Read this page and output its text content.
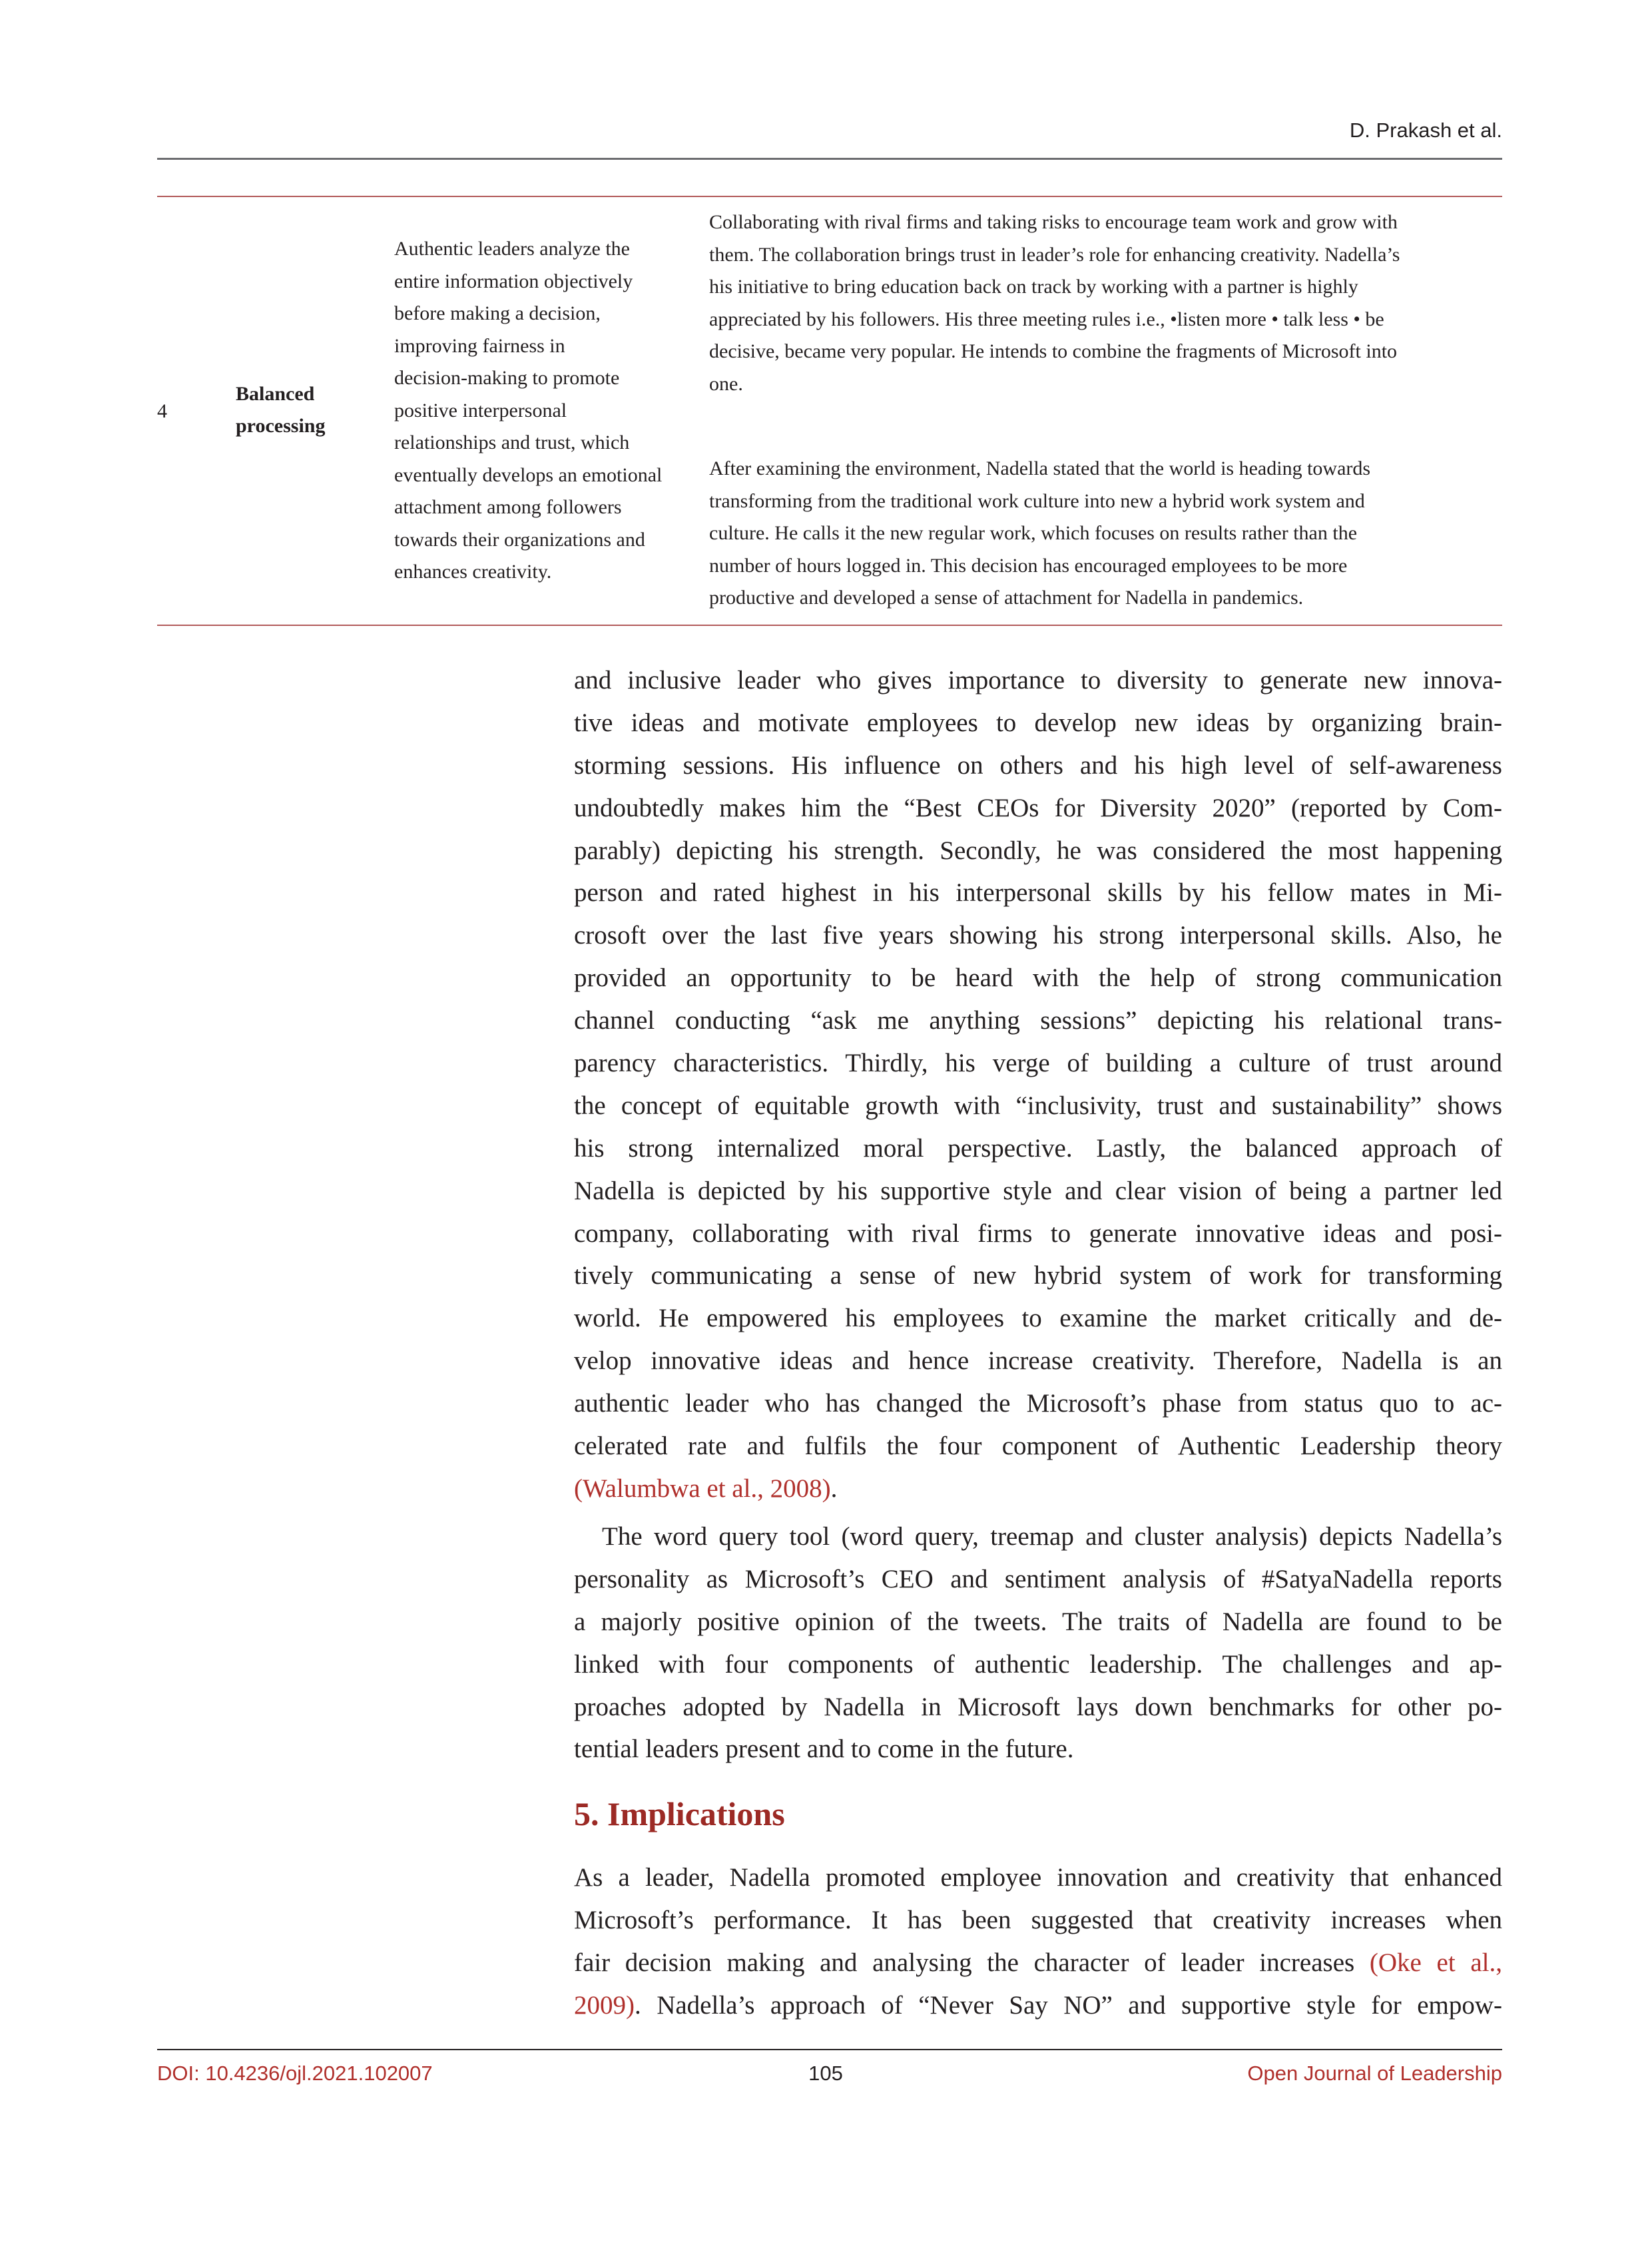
D. Prakash et al.
4
Balanced
processing
Authentic leaders analyze the
entire information objectively
before making a decision,
improving fairness in
decision-making to promote
positive interpersonal
relationships and trust, which
eventually develops an emotional
attachment among followers
towards their organizations and
enhances creativity.
Collaborating with rival firms and taking risks to encourage team work and grow with
them. The collaboration brings trust in leader’s role for enhancing creativity. Nadella’s
his initiative to bring education back on track by working with a partner is highly
appreciated by his followers. His three meeting rules i.e., •listen more • talk less • be
decisive, became very popular. He intends to combine the fragments of Microsoft into
one.
After examining the environment, Nadella stated that the world is heading towards
transforming from the traditional work culture into new a hybrid work system and
culture. He calls it the new regular work, which focuses on results rather than the
number of hours logged in. This decision has encouraged employees to be more
productive and developed a sense of attachment for Nadella in pandemics.
and inclusive leader who gives importance to diversity to generate new innova-
tive ideas and motivate employees to develop new ideas by organizing brain-
storming sessions. His influence on others and his high level of self-awareness
undoubtedly makes him the “Best CEOs for Diversity 2020” (reported by Com-
parably) depicting his strength. Secondly, he was considered the most happening
person and rated highest in his interpersonal skills by his fellow mates in Mi-
crosoft over the last five years showing his strong interpersonal skills. Also, he
provided an opportunity to be heard with the help of strong communication
channel conducting “ask me anything sessions” depicting his relational trans-
parency characteristics. Thirdly, his verge of building a culture of trust around
the concept of equitable growth with “inclusivity, trust and sustainability” shows
his strong internalized moral perspective. Lastly, the balanced approach of
Nadella is depicted by his supportive style and clear vision of being a partner led
company, collaborating with rival firms to generate innovative ideas and posi-
tively communicating a sense of new hybrid system of work for transforming
world. He empowered his employees to examine the market critically and de-
velop innovative ideas and hence increase creativity. Therefore, Nadella is an
authentic leader who has changed the Microsoft’s phase from status quo to ac-
celerated rate and fulfils the four component of Authentic Leadership theory
(Walumbwa et al., 2008).
The word query tool (word query, treemap and cluster analysis) depicts Nadella’s
personality as Microsoft’s CEO and sentiment analysis of #SatyaNadella reports
a majorly positive opinion of the tweets. The traits of Nadella are found to be
linked with four components of authentic leadership. The challenges and ap-
proaches adopted by Nadella in Microsoft lays down benchmarks for other po-
tential leaders present and to come in the future.
5. Implications
As a leader, Nadella promoted employee innovation and creativity that enhanced
Microsoft’s performance. It has been suggested that creativity increases when
fair decision making and analysing the character of leader increases (Oke et al.,
2009). Nadella’s approach of “Never Say NO” and supportive style for empow-
DOI: 10.4236/ojl.2021.102007	105	Open Journal of Leadership
